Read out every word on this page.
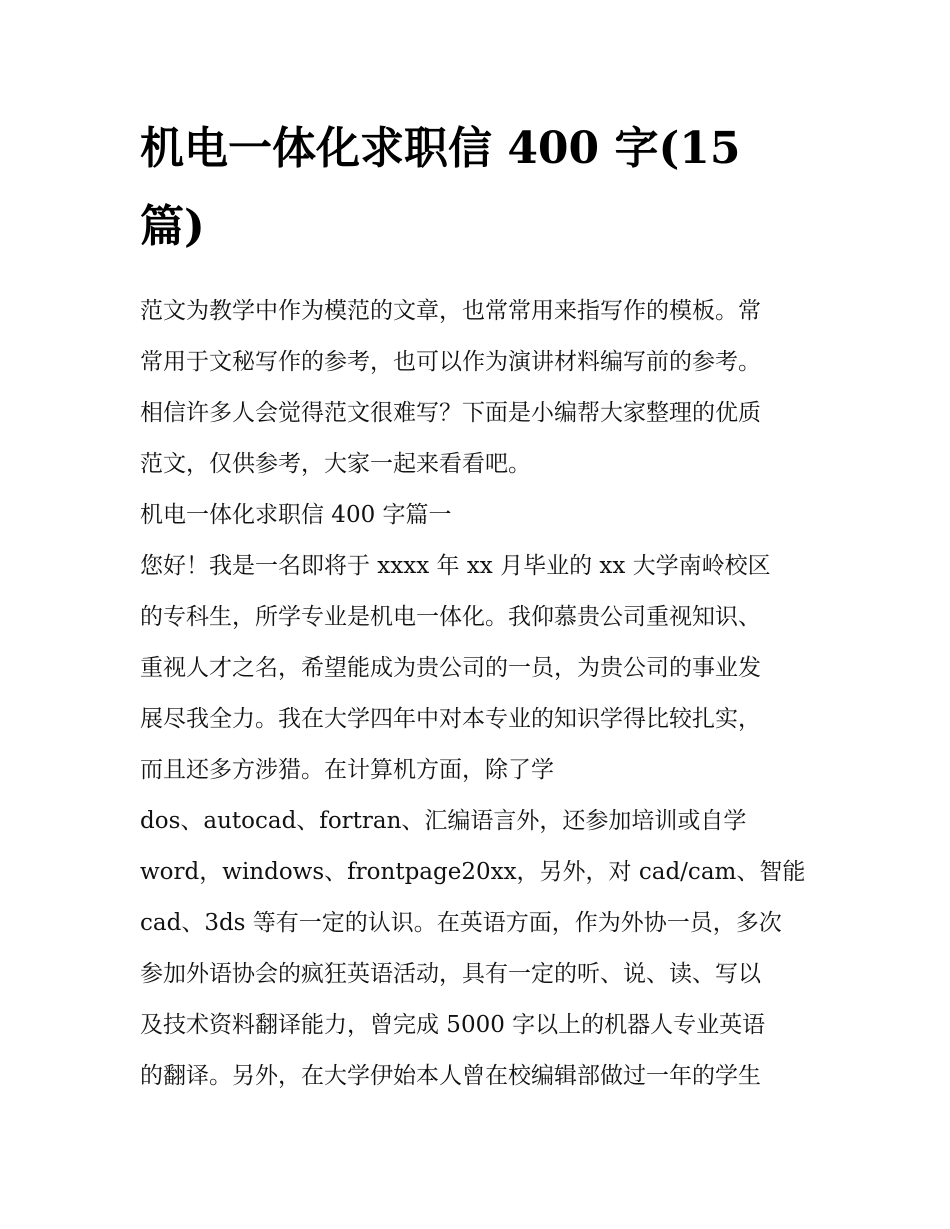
机电一体化求职信 400 字(15
篇)
范文为教学中作为模范的文章，也常常用来指写作的模板。常
常用于文秘写作的参考，也可以作为演讲材料编写前的参考。
相信许多人会觉得范文很难写？下面是小编帮大家整理的优质
范文，仅供参考，大家一起来看看吧。
机电一体化求职信 400 字篇一
您好！我是一名即将于 xxxx 年 xx 月毕业的 xx 大学南岭校区
的专科生，所学专业是机电一体化。我仰慕贵公司重视知识、
重视人才之名，希望能成为贵公司的一员，为贵公司的事业发
展尽我全力。我在大学四年中对本专业的知识学得比较扎实，
而且还多方涉猎。在计算机方面，除了学
dos、autocad、fortran、汇编语言外，还参加培训或自学
word，windows、frontpage20xx，另外，对 cad/cam、智能
cad、3ds 等有一定的认识。在英语方面，作为外协一员，多次
参加外语协会的疯狂英语活动，具有一定的听、说、读、写以
及技术资料翻译能力，曾完成 5000 字以上的机器人专业英语
的翻译。另外，在大学伊始本人曾在校编辑部做过一年的学生
